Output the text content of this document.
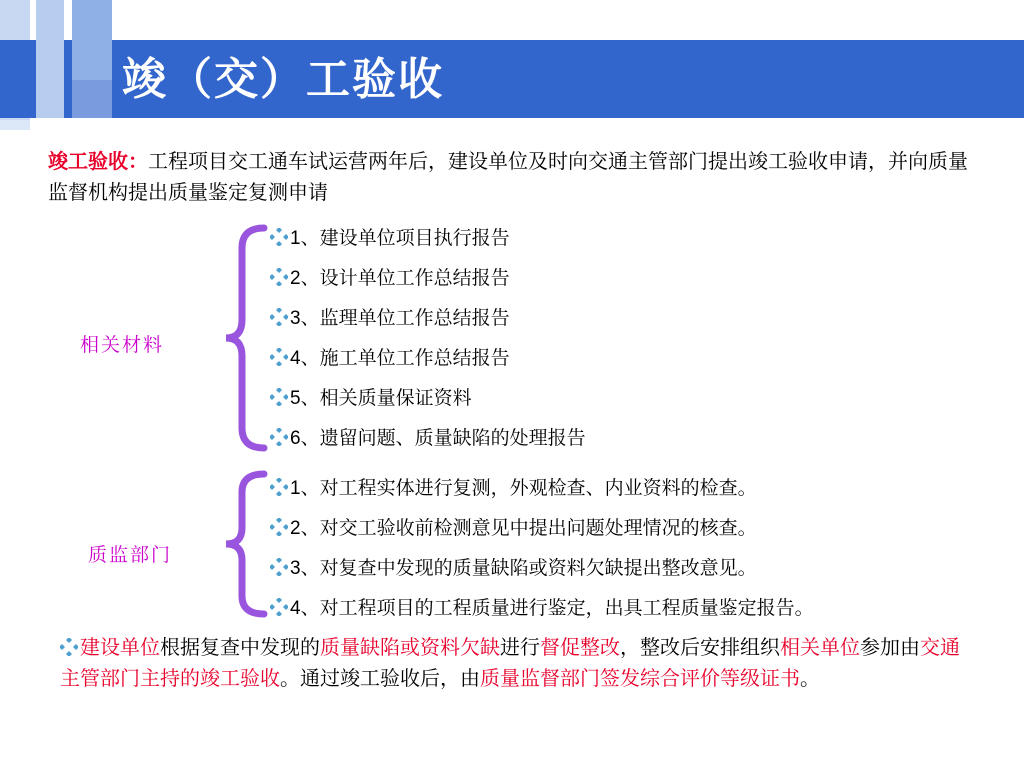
竣（交）工验收
竣工验收：工程项目交工通车试运营两年后，建设单位及时向交通主管部门提出竣工验收申请，并向质量监督机构提出质量鉴定复测申请
相关材料
1、建设单位项目执行报告
2、设计单位工作总结报告
3、监理单位工作总结报告
4、施工单位工作总结报告
5、相关质量保证资料
6、遗留问题、质量缺陷的处理报告
质监部门
1、对工程实体进行复测，外观检查、内业资料的检查。
2、对交工验收前检测意见中提出问题处理情况的核查。
3、对复查中发现的质量缺陷或资料欠缺提出整改意见。
4、对工程项目的工程质量进行鉴定，出具工程质量鉴定报告。
建设单位根据复查中发现的质量缺陷或资料欠缺进行督促整改，整改后安排组织相关单位参加由交通主管部门主持的竣工验收。通过竣工验收后，由质量监督部门签发综合评价等级证书。
